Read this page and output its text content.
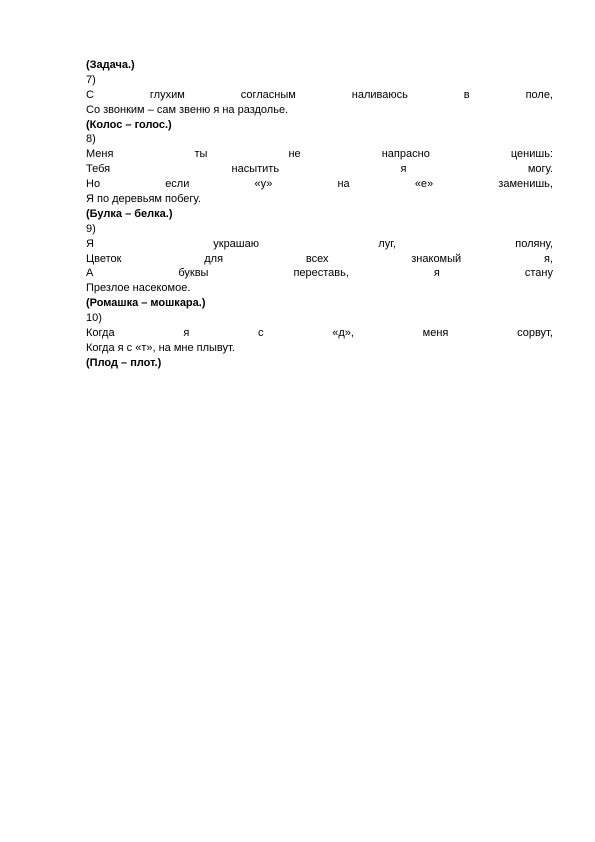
(Задача.)
7)
С	глухим	согласным	наливаюсь	в	поле,
Со звонким – сам звеню я на раздолье.
(Колос – голос.)
8)
Меня	ты	не	напрасно	ценишь:
Тебя	насытить	я	могу.
Но	если	«у»	на	«е»	заменишь,
Я по деревьям побегу.
(Булка – белка.)
9)
Я	украшаю	луг,	поляну,
Цветок	для	всех	знакомый	я,
А	буквы	переставь,	я	стану
Презлое насекомое.
(Ромашка – мошкара.)
10)
Когда	я	с	«д»,	меня	сорвут,
Когда я с «т», на мне плывут.
(Плод – плот.)
